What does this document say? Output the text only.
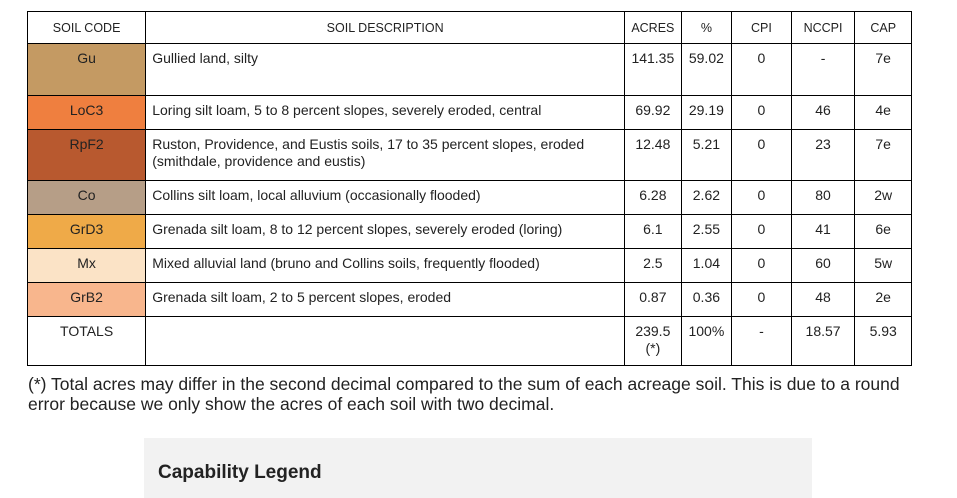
SOIL CODE	SOIL DESCRIPTION	ACRES	%	CPI	NCCPI	CAP
Gu	Gullied land, silty	141.35	59.02	0	-	7e
LoC3	Loring silt loam, 5 to 8 percent slopes, severely eroded, central	69.92	29.19	0	46	4e
RpF2	Ruston, Providence, and Eustis soils, 17 to 35 percent slopes, eroded (smithdale, providence and eustis)	12.48	5.21	0	23	7e
Co	Collins silt loam, local alluvium (occasionally flooded)	6.28	2.62	0	80	2w
GrD3	Grenada silt loam, 8 to 12 percent slopes, severely eroded (loring)	6.1	2.55	0	41	6e
Mx	Mixed alluvial land (bruno and Collins soils, frequently flooded)	2.5	1.04	0	60	5w
GrB2	Grenada silt loam, 2 to 5 percent slopes, eroded	0.87	0.36	0	48	2e
TOTALS		239.5(*)	100%	-	18.57	5.93
(*) Total acres may differ in the second decimal compared to the sum of each acreage soil. This is due to a round error because we only show the acres of each soil with two decimal.
Capability Legend
